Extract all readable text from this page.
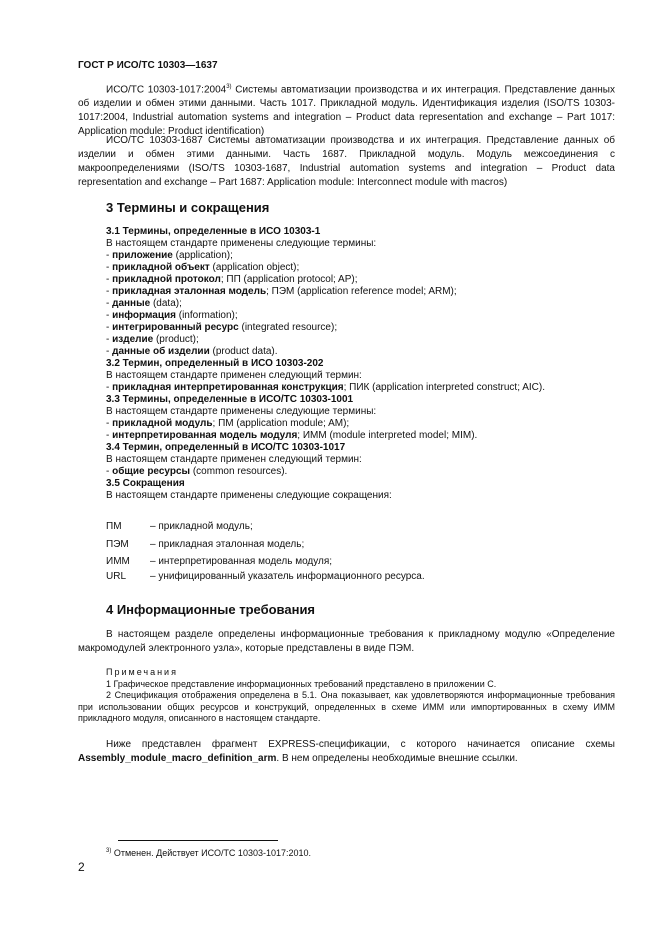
ГОСТ Р ИСО/ТС 10303—1637
ИСО/ТС 10303-1017:2004$^{3)}$ Системы автоматизации производства и их интеграция. Представление данных об изделии и обмен этими данными. Часть 1017. Прикладной модуль. Идентификация изделия (ISO/TS 10303-1017:2004, Industrial automation systems and integration – Product data representation and exchange – Part 1017: Application module: Product identification)
ИСО/ТС 10303-1687 Системы автоматизации производства и их интеграция. Представление данных об изделии и обмен этими данными. Часть 1687. Прикладной модуль. Модуль межсоединения с макроопределениями (ISO/TS 10303-1687, Industrial automation systems and integration – Product data representation and exchange – Part 1687: Application module: Interconnect module with macros)
3 Термины и сокращения
3.1 Термины, определенные в ИСО 10303-1
В настоящем стандарте применены следующие термины:
- приложение (application);
- прикладной объект (application object);
- прикладной протокол; ПП (application protocol; AP);
- прикладная эталонная модель; ПЭМ (application reference model; ARM);
- данные (data);
- информация (information);
- интегрированный ресурс (integrated resource);
- изделие (product);
- данные об изделии (product data).
3.2 Термин, определенный в ИСО 10303-202
В настоящем стандарте применен следующий термин:
- прикладная интерпретированная конструкция; ПИК (application interpreted construct; AIC).
3.3 Термины, определенные в ИСО/ТС 10303-1001
В настоящем стандарте применены следующие термины:
- прикладной модуль; ПМ (application module; AM);
- интерпретированная модель модуля; ИММ (module interpreted model; MIM).
3.4 Термин, определенный в ИСО/ТС 10303-1017
В настоящем стандарте применен следующий термин:
- общие ресурсы (common resources).
3.5 Сокращения
В настоящем стандарте применены следующие сокращения:
ПМ	– прикладной модуль;
ПЭМ – прикладная эталонная модель;
ИММ – интерпретированная модель модуля;
URL – унифицированный указатель информационного ресурса.
4 Информационные требования
В настоящем разделе определены информационные требования к прикладному модулю «Определение макромодулей электронного узла», которые представлены в виде ПЭМ.
Примечания
1 Графическое представление информационных требований представлено в приложении С.
2 Спецификация отображения определена в 5.1. Она показывает, как удовлетворяются информационные требования при использовании общих ресурсов и конструкций, определенных в схеме ИММ или импортированных в схему ИММ прикладного модуля, описанного в настоящем стандарте.
Ниже представлен фрагмент EXPRESS-спецификации, с которого начинается описание схемы Assembly_module_macro_definition_arm. В нем определены необходимые внешние ссылки.
$^{3)}$ Отменен. Действует ИСО/ТС 10303-1017:2010.
2
